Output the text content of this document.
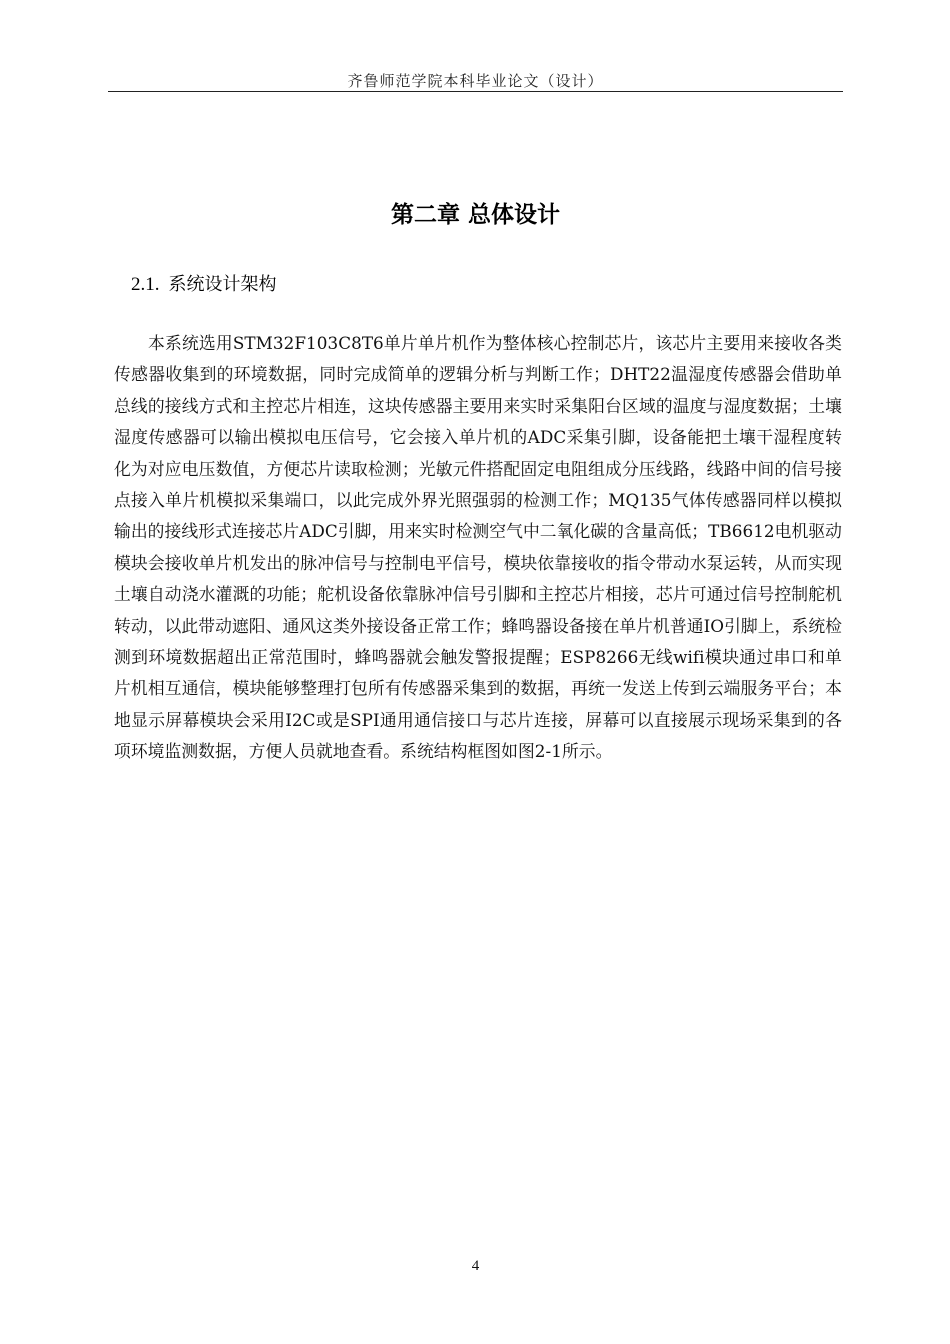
齐鲁师范学院本科毕业论文（设计）
第二章 总体设计
2.1. 系统设计架构

本系统选用STM32F103C8T6单片单片机作为整体核心控制芯片，该芯片主要用来接收各类传感器收集到的环境数据，同时完成简单的逻辑分析与判断工作；DHT22温湿度传感器会借助单总线的接线方式和主控芯片相连，这块传感器主要用来实时采集阳台区域的温度与湿度数据；土壤湿度传感器可以输出模拟电压信号，它会接入单片机的ADC采集引脚，设备能把土壤干湿程度转化为对应电压数值，方便芯片读取检测；光敏元件搭配固定电阻组成分压线路，线路中间的信号接点接入单片机模拟采集端口，以此完成外界光照强弱的检测工作；MQ135气体传感器同样以模拟输出的接线形式连接芯片ADC引脚，用来实时检测空气中二氧化碳的含量高低；TB6612电机驱动模块会接收单片机发出的脉冲信号与控制电平信号，模块依靠接收的指令带动水泵运转，从而实现土壤自动浇水灌溉的功能；舵机设备依靠脉冲信号引脚和主控芯片相接，芯片可通过信号控制舵机转动，以此带动遮阳、通风这类外接设备正常工作；蜂鸣器设备接在单片机普通IO引脚上，系统检测到环境数据超出正常范围时，蜂鸣器就会触发警报提醒；ESP8266无线wifi模块通过串口和单片机相互通信，模块能够整理打包所有传感器采集到的数据，再统一发送上传到云端服务平台；本地显示屏幕模块会采用I2C或是SPI通用通信接口与芯片连接，屏幕可以直接展示现场采集到的各项环境监测数据，方便人员就地查看。系统结构框图如图2-1所示。

4
